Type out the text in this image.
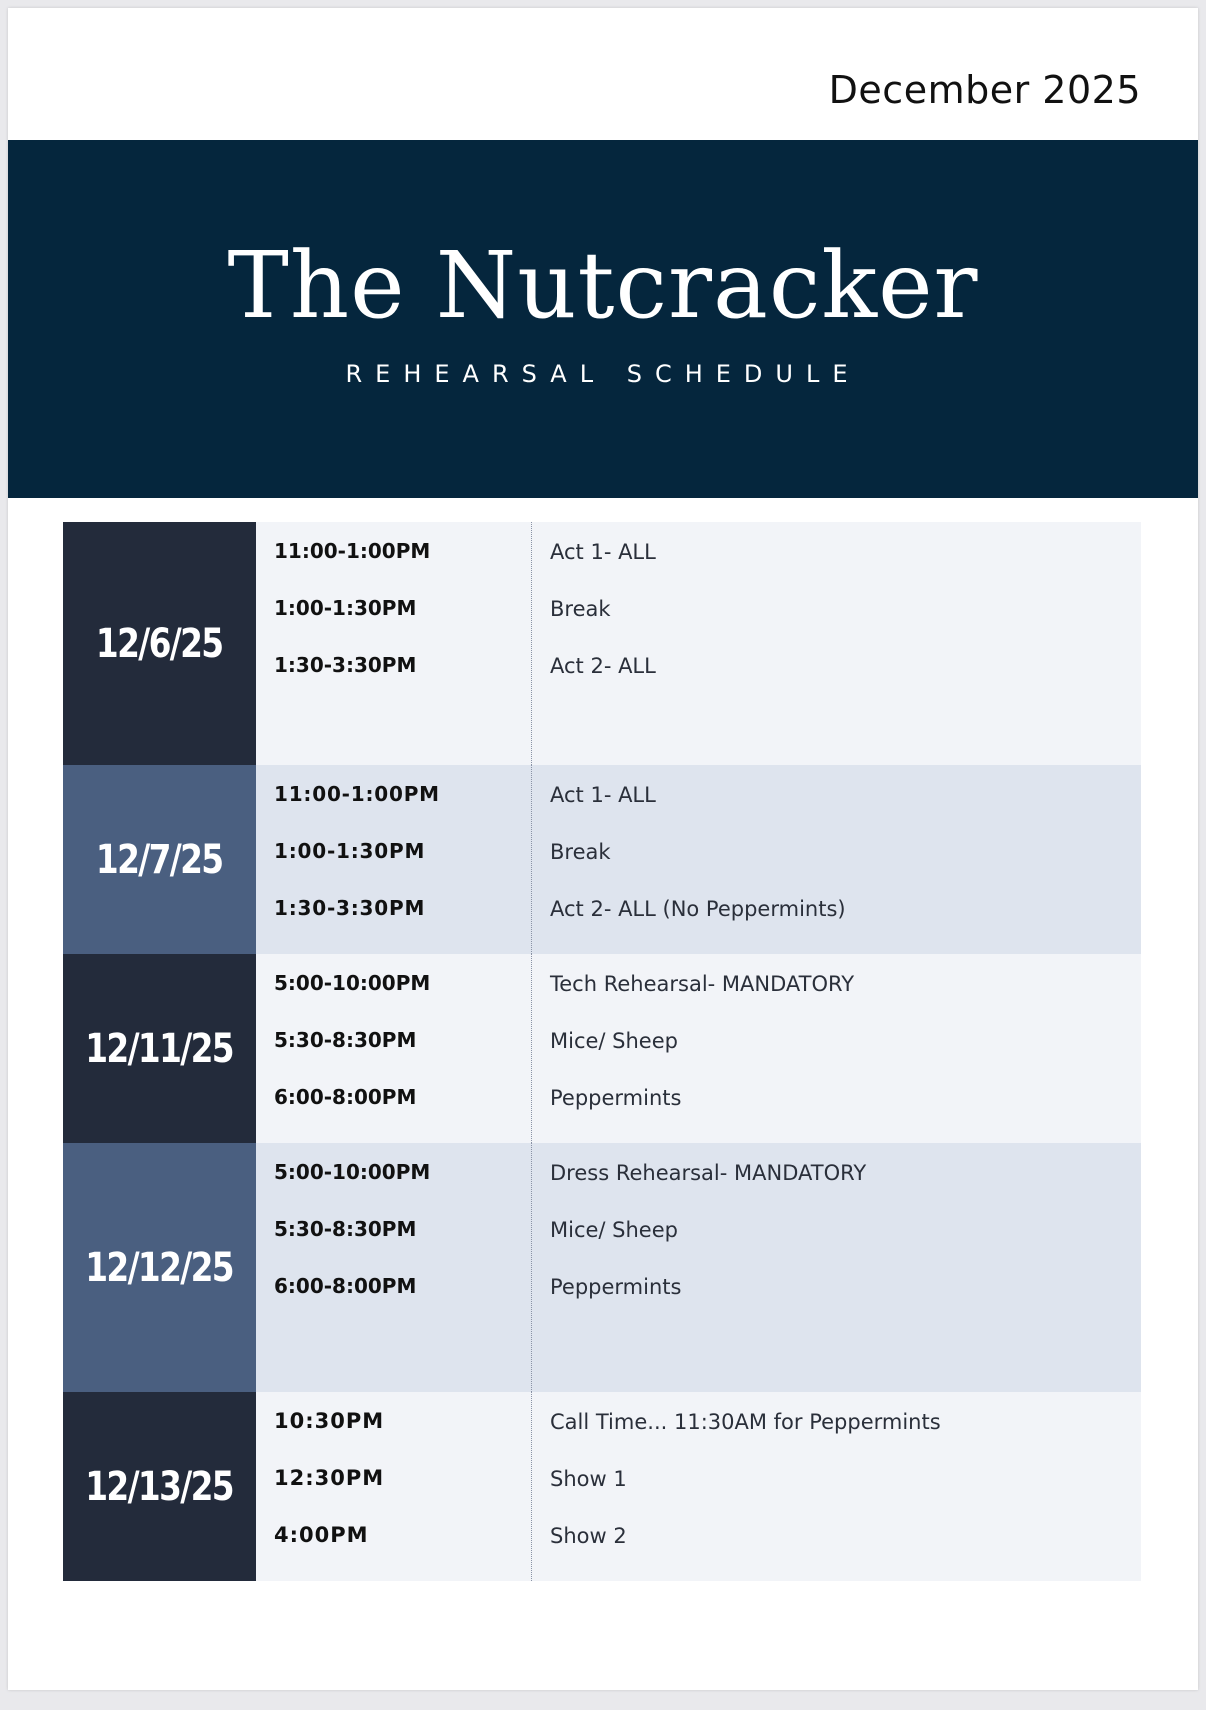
December 2025
The Nutcracker
REHEARSAL SCHEDULE
12/6/25
11:00-1:00PM
1:00-1:30PM
1:30-3:30PM
Act 1- ALL
Break
Act 2- ALL
12/7/25
11:00-1:00PM
1:00-1:30PM
1:30-3:30PM
Act 1- ALL
Break
Act 2- ALL (No Peppermints)
12/11/25
5:00-10:00PM
5:30-8:30PM
6:00-8:00PM
Tech Rehearsal- MANDATORY
Mice/ Sheep
Peppermints
12/12/25
5:00-10:00PM
5:30-8:30PM
6:00-8:00PM
Dress Rehearsal- MANDATORY
Mice/ Sheep
Peppermints
12/13/25
10:30PM
12:30PM
4:00PM
Call Time... 11:30AM for Peppermints
Show 1
Show 2
